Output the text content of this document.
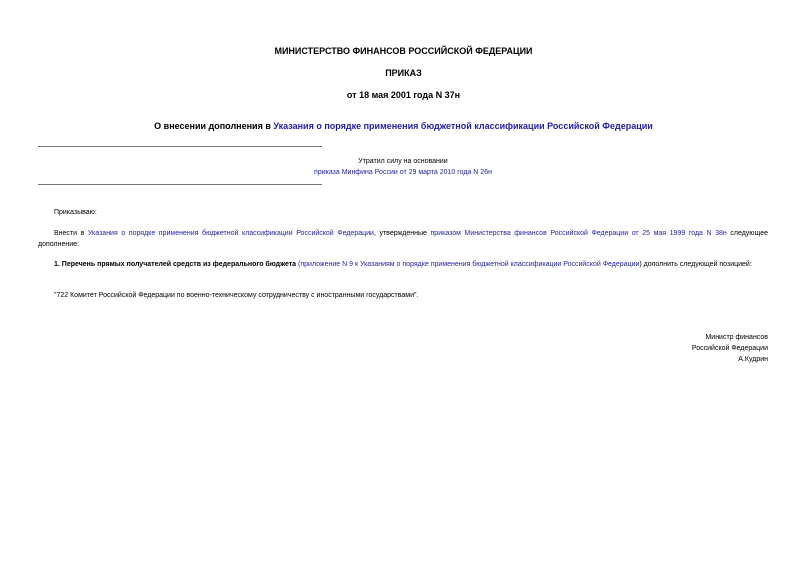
МИНИСТЕРСТВО ФИНАНСОВ РОССИЙСКОЙ ФЕДЕРАЦИИ
ПРИКАЗ
от 18 мая 2001 года N 37н
О внесении дополнения в Указания о порядке применения бюджетной классификации Российской Федерации
Утратил силу на основании
приказа Минфина России от 29 марта 2010 года N 26н
Приказываю:
Внести в Указания о порядке применения бюджетной классификации Российской Федерации, утвержденные приказом Министерства финансов Российской Федерации от 25 мая 1999 года N 38н следующее дополнение:
1. Перечень прямых получателей средств из федерального бюджета (приложение N 9 к Указаниям о порядке применения бюджетной классификации Российской Федерации) дополнить следующей позицией:
"722 Комитет Российской Федерации по военно-техническому сотрудничеству с иностранными государствами".
Министр финансов
Российской Федерации
А.Кудрин
